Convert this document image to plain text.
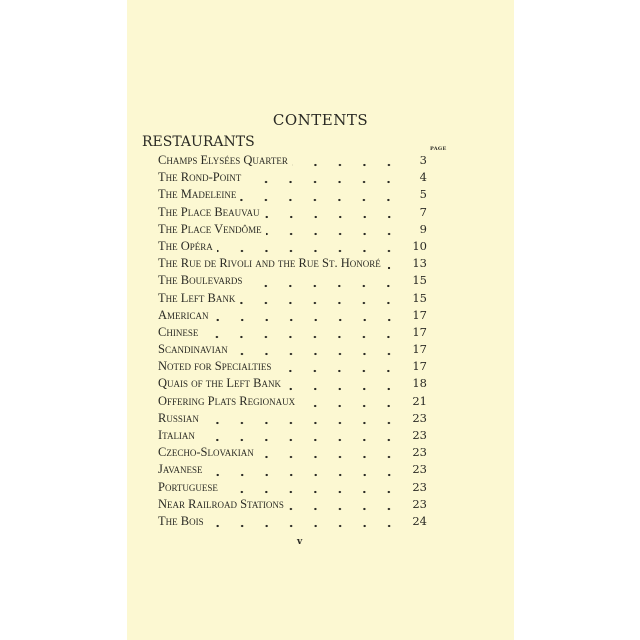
CONTENTS
RESTAURANTS	PAGE
Champs Elysées Quarter	3
The Rond-Point	4
The Madeleine	5
The Place Beauvau	7
The Place Vendôme	9
The Opéra	10
The Rue de Rivoli and the Rue St. Honoré	13
The Boulevards	15
The Left Bank	15
American	17
Chinese	17
Scandinavian	17
Noted for Specialties	17
Quais of the Left Bank	18
Offering Plats Regionaux	21
Russian	23
Italian	23
Czecho-Slovakian	23
Javanese	23
Portuguese	23
Near Railroad Stations	23
The Bois	24
v
